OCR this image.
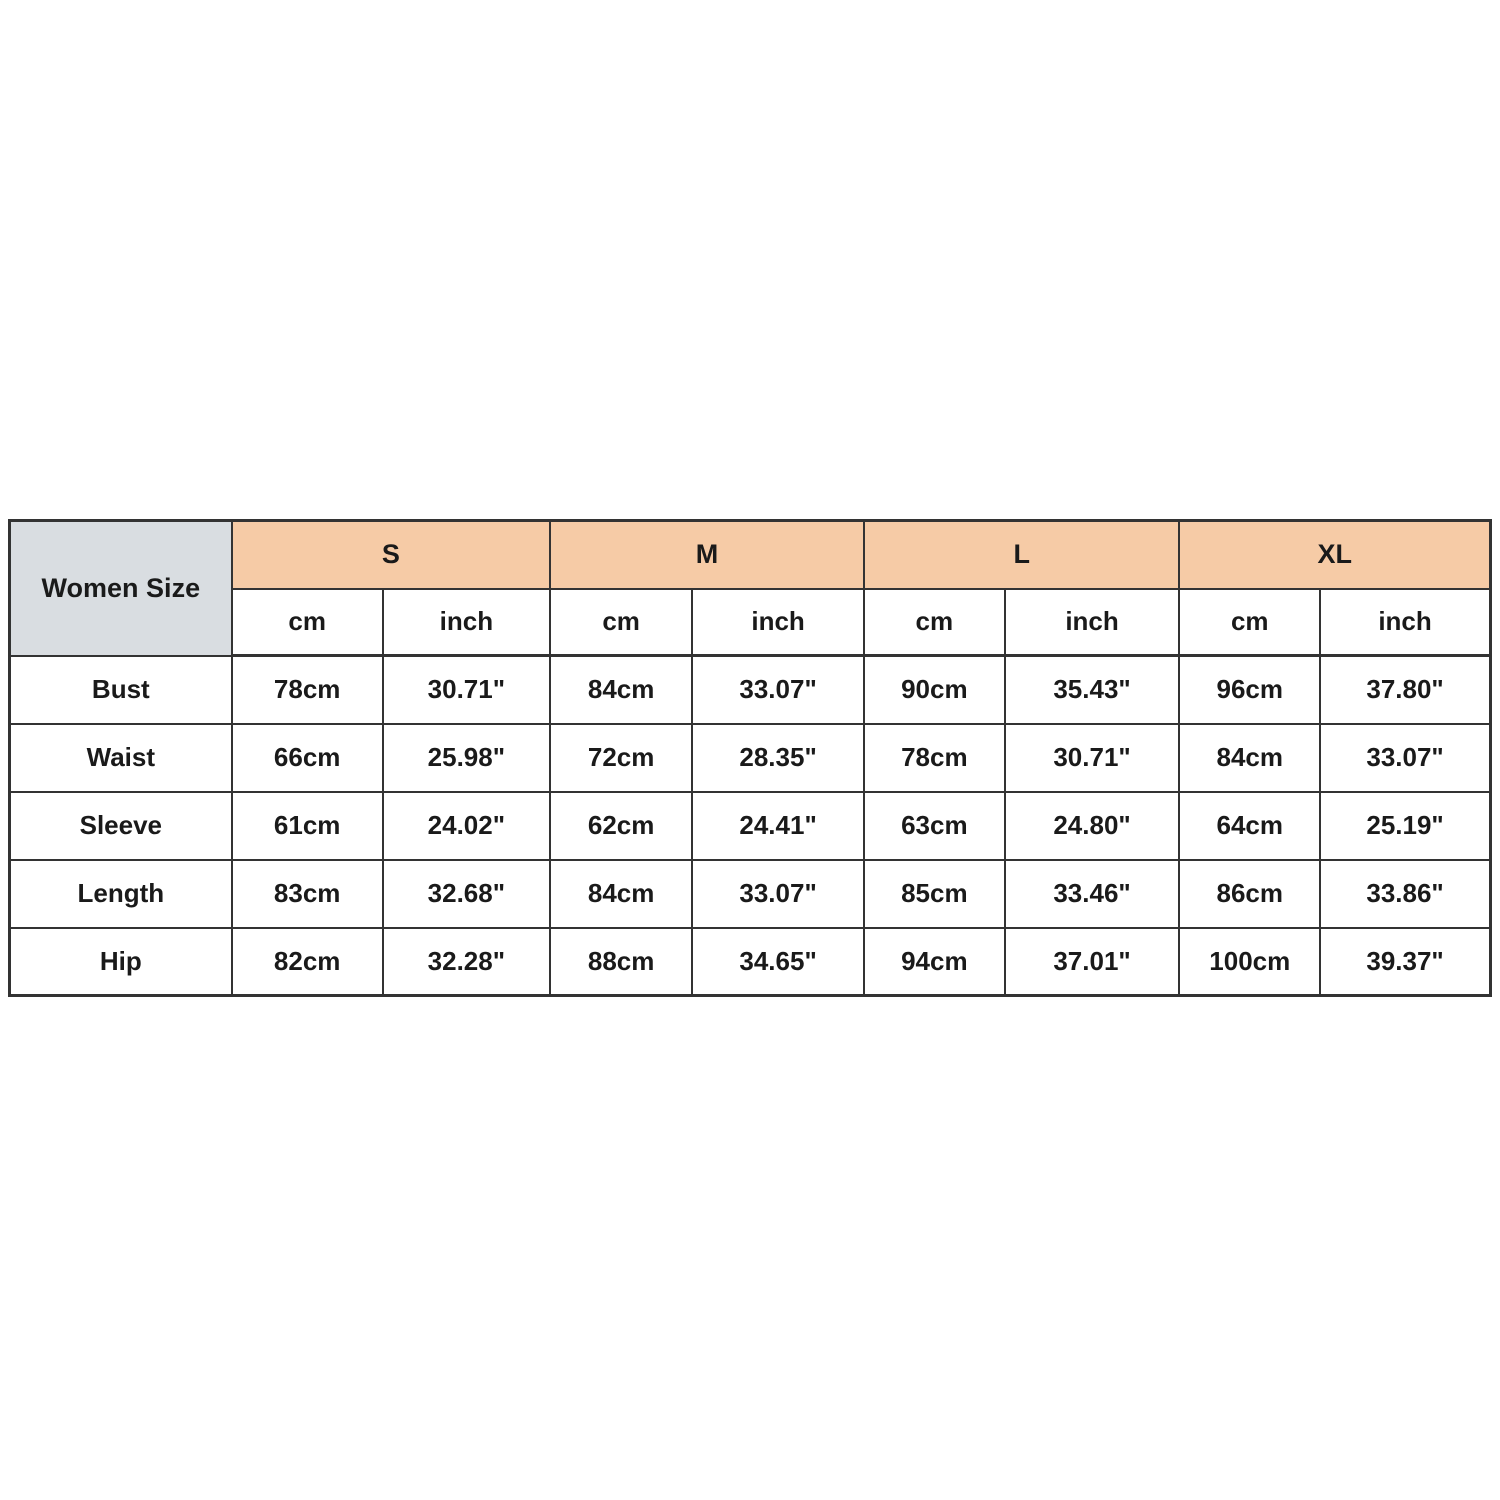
Women Size	S		M		L		XL	
	cm	inch	cm	inch	cm	inch	cm	inch
Bust	78cm	30.71"	84cm	33.07"	90cm	35.43"	96cm	37.80"
Waist	66cm	25.98"	72cm	28.35"	78cm	30.71"	84cm	33.07"
Sleeve	61cm	24.02"	62cm	24.41"	63cm	24.80"	64cm	25.19"
Length	83cm	32.68"	84cm	33.07"	85cm	33.46"	86cm	33.86"
Hip	82cm	32.28"	88cm	34.65"	94cm	37.01"	100cm	39.37"
